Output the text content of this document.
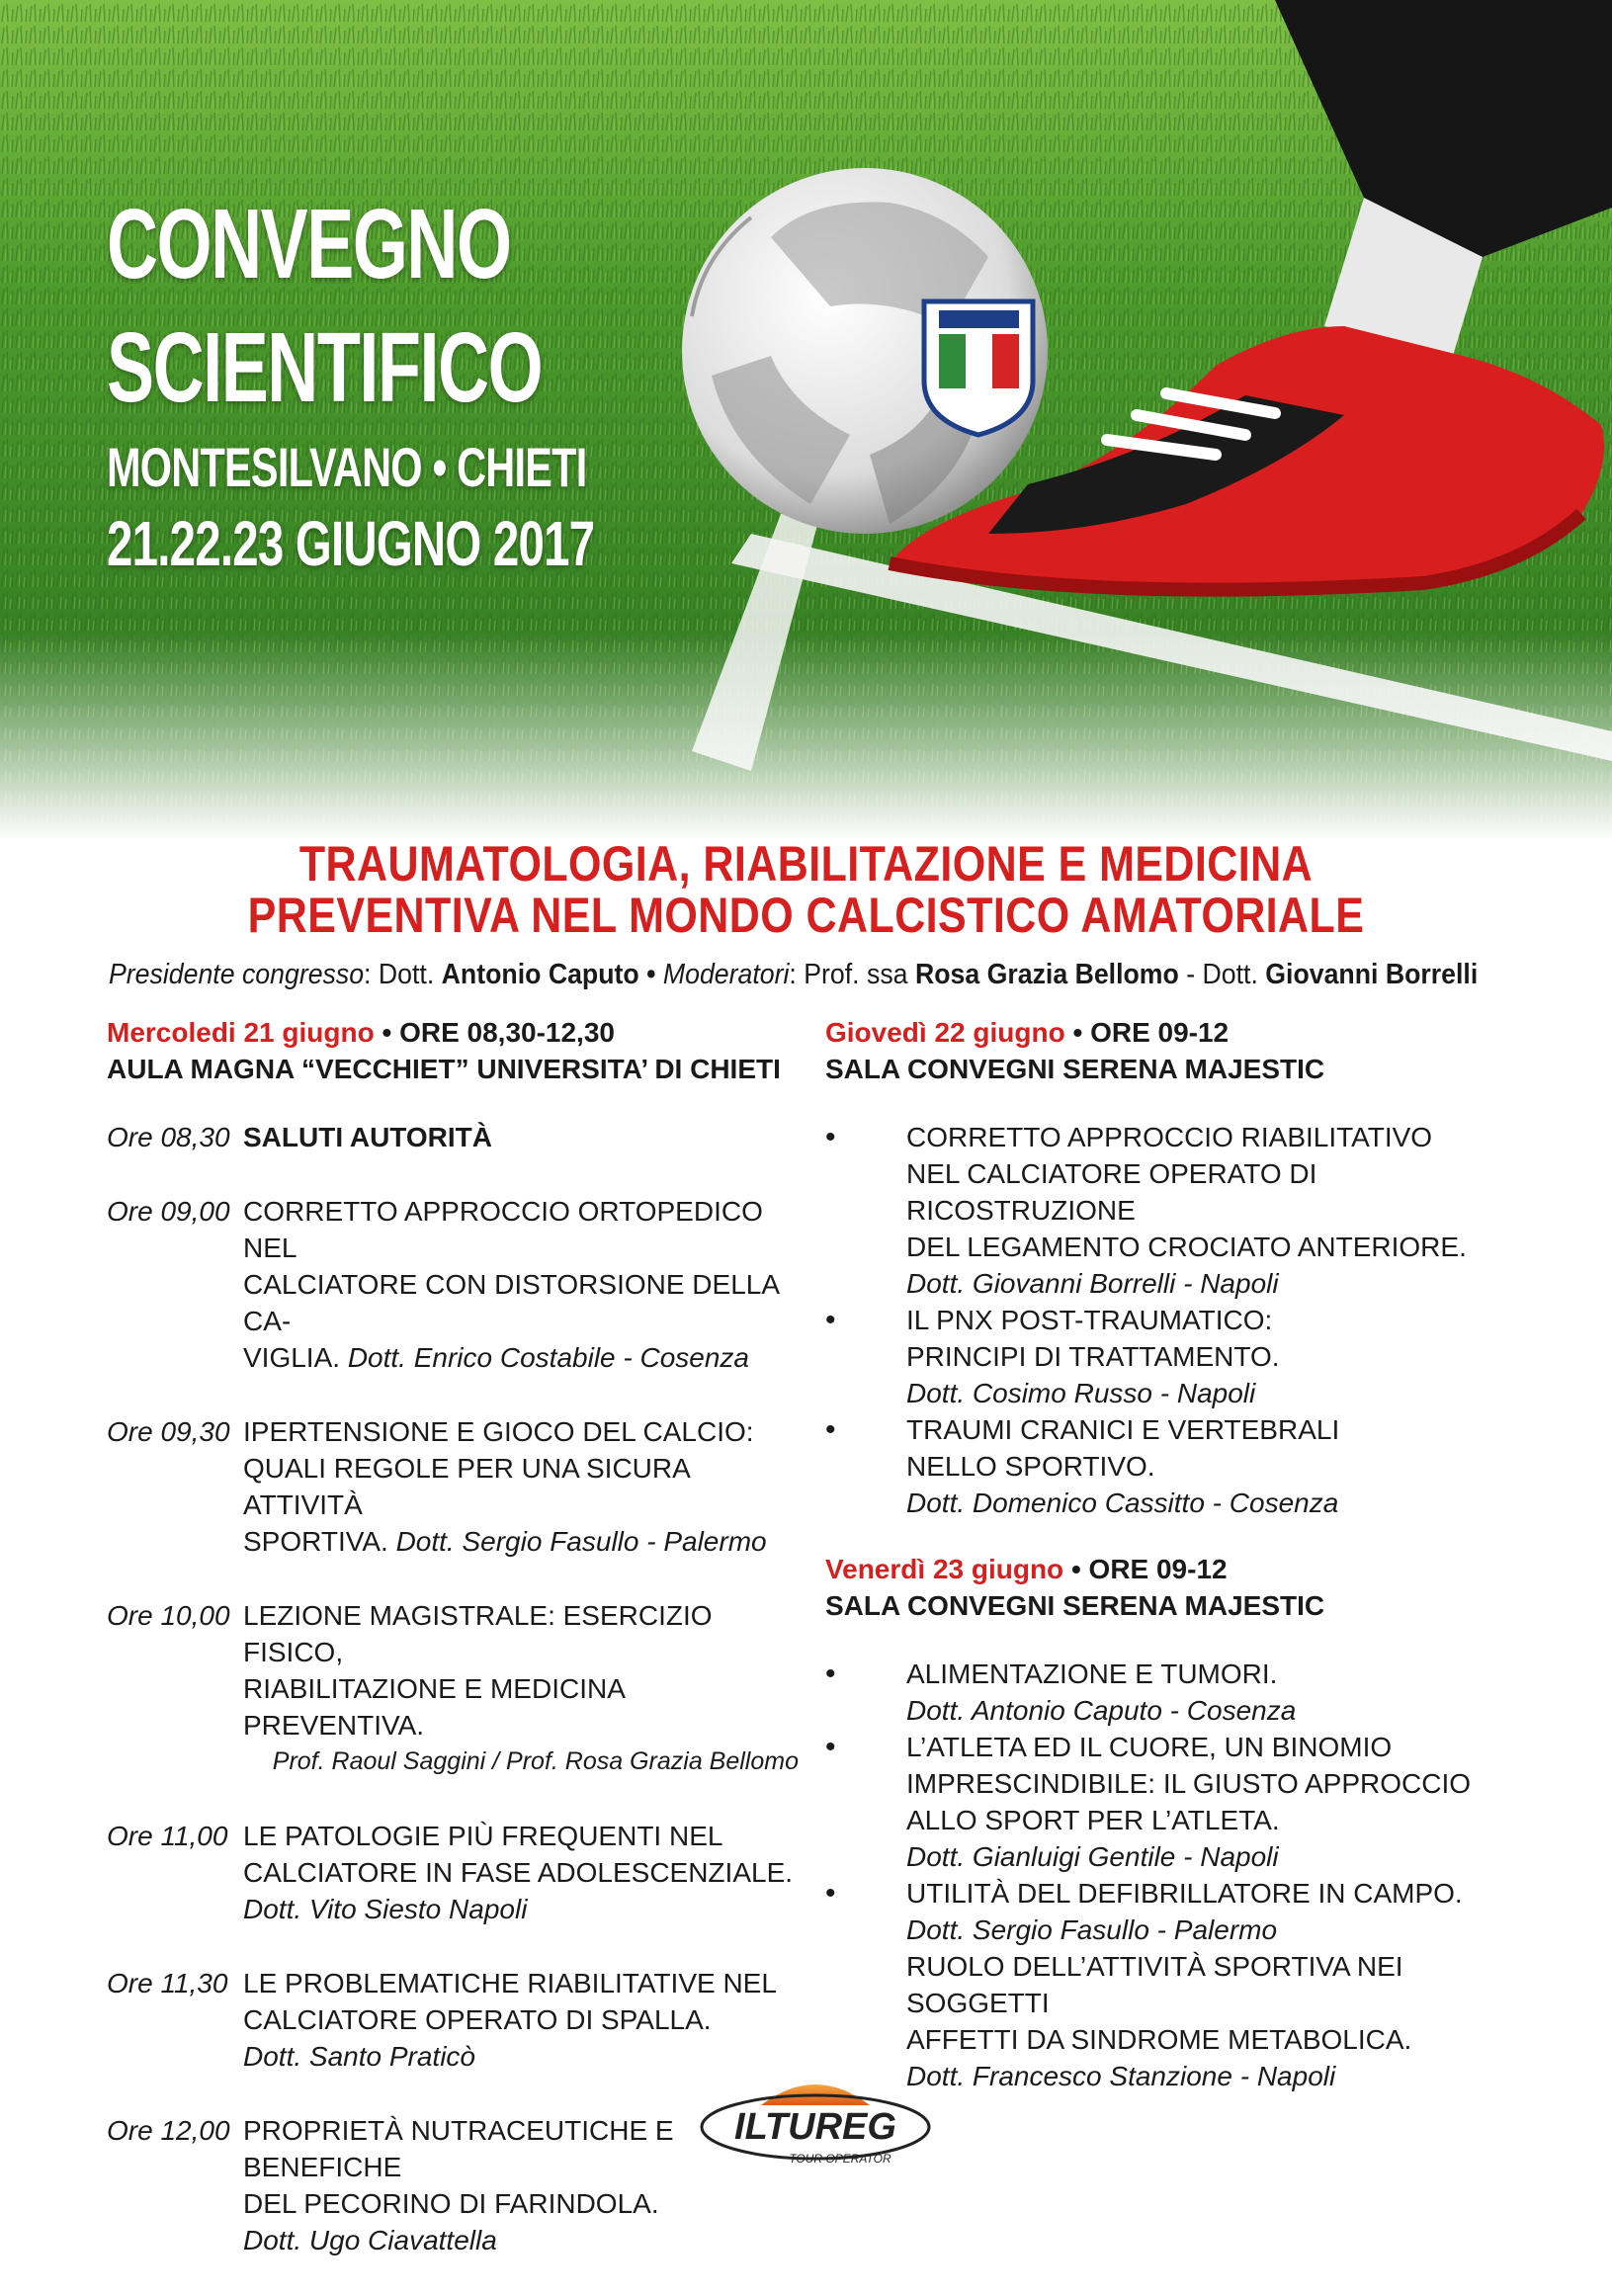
CONVEGNO
SCIENTIFICO
MONTESILVANO • CHIETI
21.22.23 GIUGNO 2017
TRAUMATOLOGIA, RIABILITAZIONE E MEDICINA
PREVENTIVA NEL MONDO CALCISTICO AMATORIALE
Presidente congresso: Dott. Antonio Caputo • Moderatori: Prof. ssa Rosa Grazia Bellomo - Dott. Giovanni Borrelli
Mercoledi 21 giugno • ORE 08,30-12,30
AULA MAGNA “VECCHIET” UNIVERSITA’ DI CHIETI
Ore 08,30 SALUTI AUTORITÀ
Ore 09,00 CORRETTO APPROCCIO ORTOPEDICO NEL
CALCIATORE CON DISTORSIONE DELLA CA-
VIGLIA. Dott. Enrico Costabile - Cosenza
Ore 09,30 IPERTENSIONE E GIOCO DEL CALCIO:
QUALI REGOLE PER UNA SICURA ATTIVITÀ
SPORTIVA. Dott. Sergio Fasullo - Palermo
Ore 10,00 LEZIONE MAGISTRALE: ESERCIZIO FISICO,
RIABILITAZIONE E MEDICINA PREVENTIVA.
Prof. Raoul Saggini / Prof. Rosa Grazia Bellomo
Ore 11,00 LE PATOLOGIE PIÙ FREQUENTI NEL
CALCIATORE IN FASE ADOLESCENZIALE.
Dott. Vito Siesto Napoli
Ore 11,30 LE PROBLEMATICHE RIABILITATIVE NEL
CALCIATORE OPERATO DI SPALLA.
Dott. Santo Praticò
Ore 12,00 PROPRIETÀ NUTRACEUTICHE E BENEFICHE
DEL PECORINO DI FARINDOLA.
Dott. Ugo Ciavattella
Giovedì 22 giugno • ORE 09-12
SALA CONVEGNI SERENA MAJESTIC
•	CORRETTO APPROCCIO RIABILITATIVO
NEL CALCIATORE OPERATO DI RICOSTRUZIONE
DEL LEGAMENTO CROCIATO ANTERIORE.
Dott. Giovanni Borrelli - Napoli
•	IL PNX POST-TRAUMATICO:
PRINCIPI DI TRATTAMENTO.
Dott. Cosimo Russo - Napoli
•	TRAUMI CRANICI E VERTEBRALI
NELLO SPORTIVO.
Dott. Domenico Cassitto - Cosenza
Venerdì 23 giugno • ORE 09-12
SALA CONVEGNI SERENA MAJESTIC
•	ALIMENTAZIONE E TUMORI.
Dott. Antonio Caputo - Cosenza
•	L’ATLETA ED IL CUORE, UN BINOMIO
IMPRESCINDIBILE: IL GIUSTO APPROCCIO
ALLO SPORT PER L’ATLETA.
Dott. Gianluigi Gentile - Napoli
•	UTILITÀ DEL DEFIBRILLATORE IN CAMPO.
Dott. Sergio Fasullo - Palermo
RUOLO DELL’ATTIVITÀ SPORTIVA NEI SOGGETTI
AFFETTI DA SINDROME METABOLICA.
Dott. Francesco Stanzione - Napoli
ILTUREG
TOUR OPERATOR
